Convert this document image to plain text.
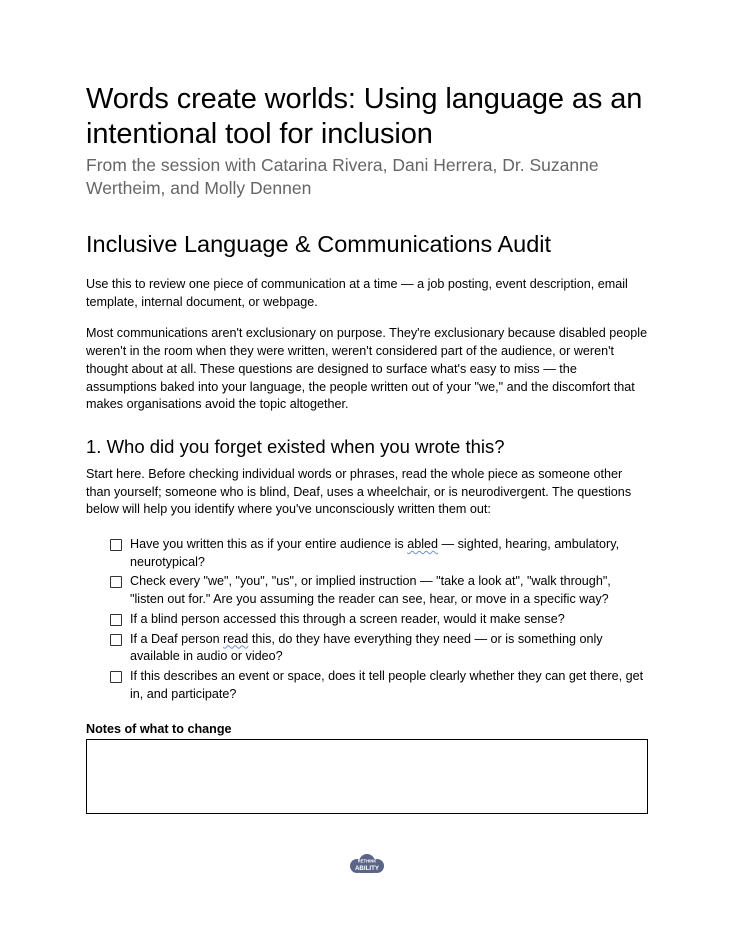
Words create worlds: Using language as an intentional tool for inclusion

From the session with Catarina Rivera, Dani Herrera, Dr. Suzanne Wertheim, and Molly Dennen

Inclusive Language & Communications Audit

Use this to review one piece of communication at a time — a job posting, event description, email template, internal document, or webpage.

Most communications aren't exclusionary on purpose. They're exclusionary because disabled people weren't in the room when they were written, weren't considered part of the audience, or weren't thought about at all. These questions are designed to surface what's easy to miss — the assumptions baked into your language, the people written out of your "we," and the discomfort that makes organisations avoid the topic altogether.

1. Who did you forget existed when you wrote this?

Start here. Before checking individual words or phrases, read the whole piece as someone other than yourself; someone who is blind, Deaf, uses a wheelchair, or is neurodivergent. The questions below will help you identify where you've unconsciously written them out:

Have you written this as if your entire audience is abled — sighted, hearing, ambulatory, neurotypical?
Check every "we", "you", "us", or implied instruction — "take a look at", "walk through", "listen out for." Are you assuming the reader can see, hear, or move in a specific way?
If a blind person accessed this through a screen reader, would it make sense?
If a Deaf person read this, do they have everything they need — or is something only available in audio or video?
If this describes an event or space, does it tell people clearly whether they can get there, get in, and participate?

Notes of what to change

RETHINK
ABILITY
